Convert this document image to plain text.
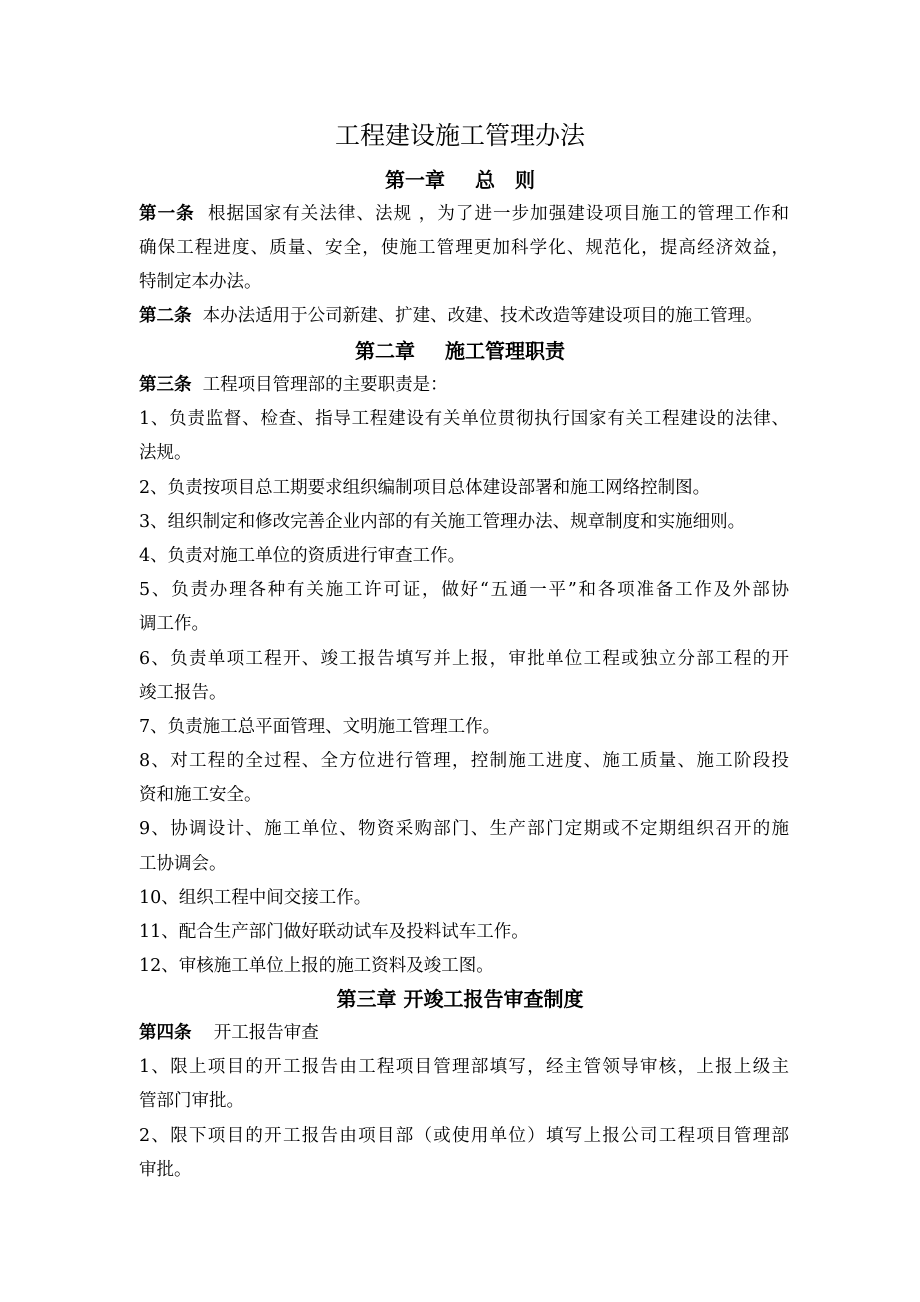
工程建设施工管理办法
第一章 总　则
第一条 根据国家有关法律、法规 ，为了进一步加强建设项目施工的管理工作和
确保工程进度、质量、安全，使施工管理更加科学化、规范化，提高经济效益，
特制定本办法。
第二条 本办法适用于公司新建、扩建、改建、技术改造等建设项目的施工管理。
第二章 施工管理职责
第三条 工程项目管理部的主要职责是：
1、负责监督、检查、指导工程建设有关单位贯彻执行国家有关工程建设的法律、
法规。
2、负责按项目总工期要求组织编制项目总体建设部署和施工网络控制图。
3、组织制定和修改完善企业内部的有关施工管理办法、规章制度和实施细则。
4、负责对施工单位的资质进行审查工作。
5、负责办理各种有关施工许可证，做好“五通一平”和各项准备工作及外部协
调工作。
6、负责单项工程开、竣工报告填写并上报，审批单位工程或独立分部工程的开
竣工报告。
7、负责施工总平面管理、文明施工管理工作。
8、对工程的全过程、全方位进行管理，控制施工进度、施工质量、施工阶段投
资和施工安全。
9、协调设计、施工单位、物资采购部门、生产部门定期或不定期组织召开的施
工协调会。
10、组织工程中间交接工作。
11、配合生产部门做好联动试车及投料试车工作。
12、审核施工单位上报的施工资料及竣工图。
第三章 开竣工报告审查制度
第四条 开工报告审查
1、限上项目的开工报告由工程项目管理部填写，经主管领导审核，上报上级主
管部门审批。
2、限下项目的开工报告由项目部（或使用单位）填写上报公司工程项目管理部
审批。
